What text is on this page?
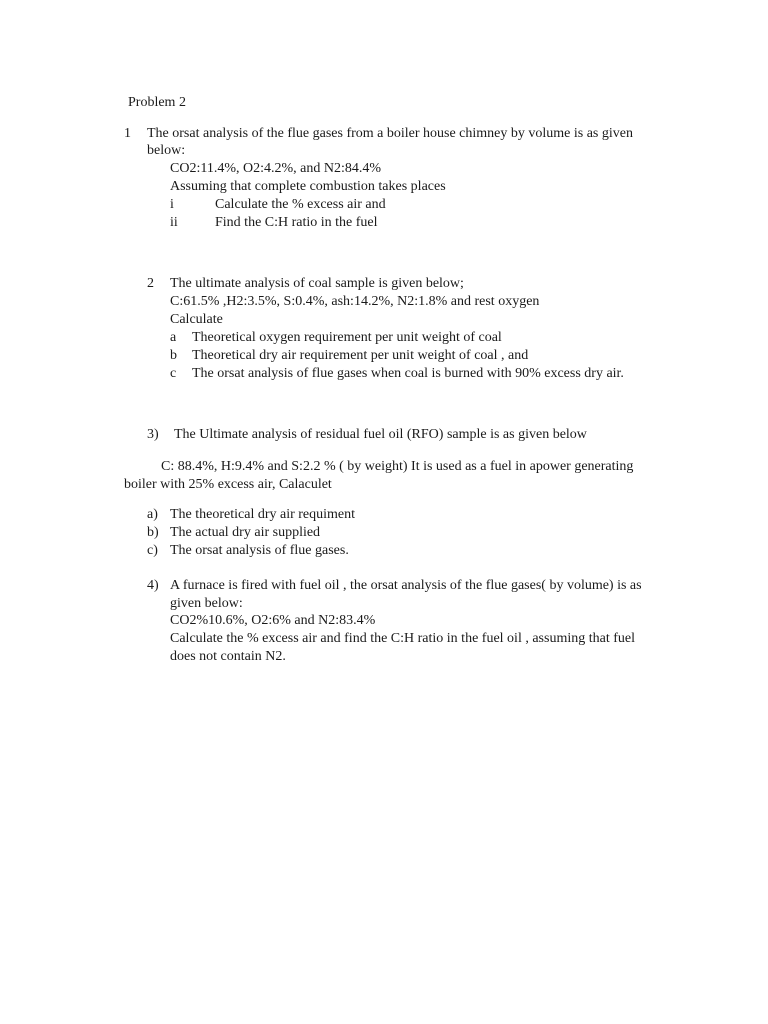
Problem 2
1 The orsat analysis of the flue gases from a boiler house chimney by volume is as given
below:
CO2:11.4%, O2:4.2%, and N2:84.4%
Assuming that complete combustion takes places
i	Calculate the % excess air and
ii	Find the C:H ratio in the fuel
2 The ultimate analysis of coal sample is given below;
C:61.5% ,H2:3.5%, S:0.4%, ash:14.2%, N2:1.8% and rest oxygen
Calculate
a Theoretical oxygen requirement per unit weight of coal
b Theoretical dry air requirement per unit weight of coal , and
c The orsat analysis of flue gases when coal is burned with 90% excess dry air.
3) The Ultimate analysis of residual fuel oil (RFO) sample is as given below
C: 88.4%, H:9.4% and S:2.2 % ( by weight) It is used as a fuel in apower generating
boiler with 25% excess air, Calaculet
a) The theoretical dry air requiment
b) The actual dry air supplied
c) The orsat analysis of flue gases.
4) A furnace is fired with fuel oil , the orsat analysis of the flue gases( by volume) is as
given below:
CO2%10.6%, O2:6% and N2:83.4%
Calculate the % excess air and find the C:H ratio in the fuel oil , assuming that fuel
does not contain N2.
